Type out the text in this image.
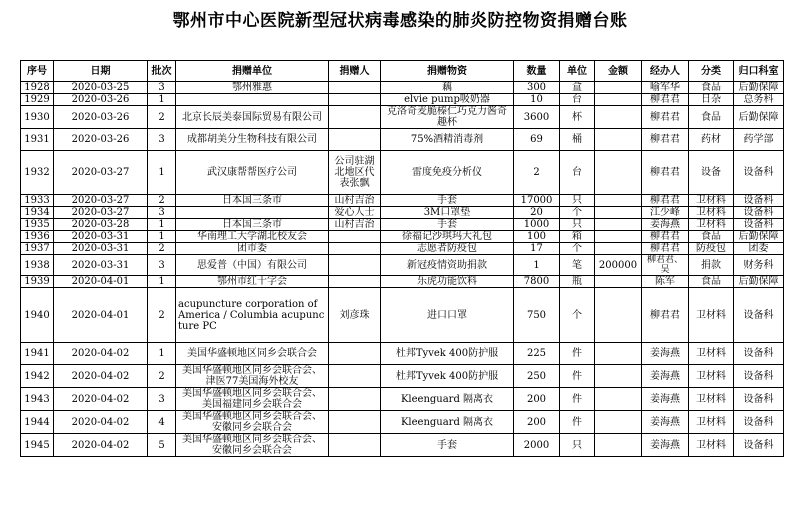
鄂州市中心医院新型冠状病毒感染的肺炎防控物资捐赠台账
序号	日期	批次	捐赠单位	捐赠人	捐赠物资	数量	单位	金额	经办人	分类	归口科室
1928	2020-03-25	3	鄂州雅惠		藕	300	盒		喻军华	食品	后勤保障
1929	2020-03-26	1			elvie pump吸奶器	10	台		柳君君	日杂	总务科
1930	2020-03-26	2	北京长辰美泰国际贸易有限公司		克洛奇麦脆榛仁巧克力酱奇趣杯	3600	杯		柳君君	食品	后勤保障
1931	2020-03-26	3	成都胡美分生物科技有限公司		75%酒精消毒剂	69	桶		柳君君	药材	药学部
1932	2020-03-27	1	武汉康帮帮医疗公司	公司驻湖北地区代表张飘	雷度免疫分析仪	2	台		柳君君	设备	设备科
1933	2020-03-27	2	日本国三条市	山村吉治	手套	17000	只		柳君君	卫材料	设备科
1934	2020-03-27	3		爱心人士	3M口罩垫	20	个		江少峰	卫材料	设备科
1935	2020-03-28	1	日本国三条市	山村吉治	手套	1000	只		姜海燕	卫材料	设备科
1936	2020-03-31	1	华南理工大学湖北校友会		徐福记沙琪玛大礼包	100	箱		柳君君	食品	后勤保障
1937	2020-03-31	2	团市委		志愿者防疫包	17	个		柳君君	防疫包	团委
1938	2020-03-31	3	思爱普（中国）有限公司		新冠疫情资助捐款	1	笔	200000	柳君君、吴	捐款	财务科
1939	2020-04-01	1	鄂州市红十字会		乐虎功能饮料	7800	瓶		陈军	食品	后勤保障
1940	2020-04-01	2	acupuncture corporation of America / Columbia acupuncture PC	刘彦珠	进口口罩	750	个		柳君君	卫材料	设备科
1941	2020-04-02	1	美国华盛顿地区同乡会联合会		杜邦Tyvek 400防护服	225	件		姜海燕	卫材料	设备科
1942	2020-04-02	2	美国华盛顿地区同乡会联合会、津医77美国海外校友		杜邦Tyvek 400防护服	250	件		姜海燕	卫材料	设备科
1943	2020-04-02	3	美国华盛顿地区同乡会联合会、美国福建同乡会联合会		Kleenguard 隔离衣	200	件		姜海燕	卫材料	设备科
1944	2020-04-02	4	美国华盛顿地区同乡会联合会、安徽同乡会联合会		Kleenguard 隔离衣	200	件		姜海燕	卫材料	设备科
1945	2020-04-02	5	美国华盛顿地区同乡会联合会、安徽同乡会联合会		手套	2000	只		姜海燕	卫材料	设备科
